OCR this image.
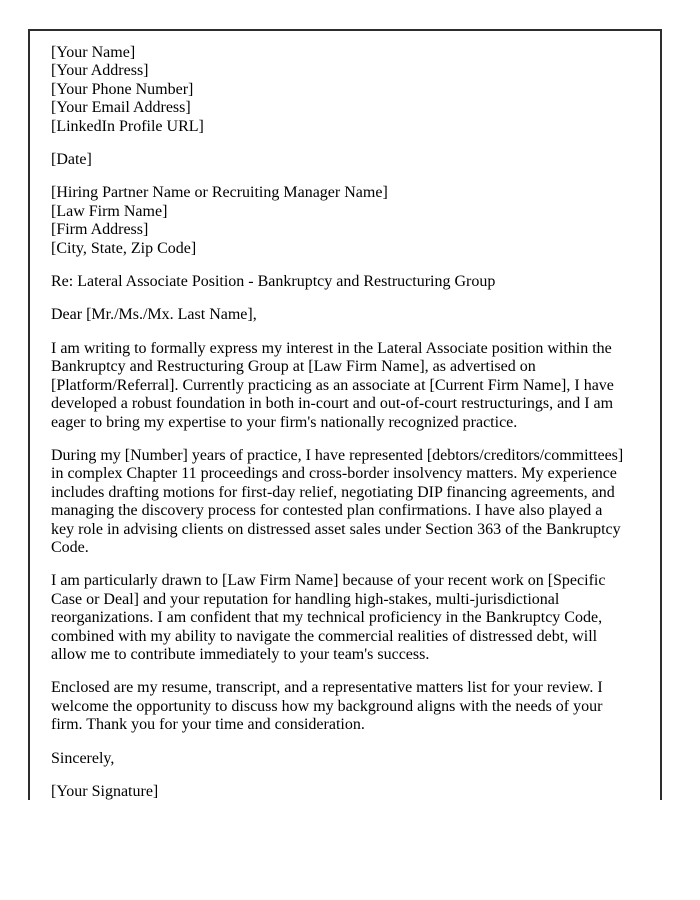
[Your Name]
[Your Address]
[Your Phone Number]
[Your Email Address]
[LinkedIn Profile URL]
[Date]
[Hiring Partner Name or Recruiting Manager Name]
[Law Firm Name]
[Firm Address]
[City, State, Zip Code]
Re: Lateral Associate Position - Bankruptcy and Restructuring Group
Dear [Mr./Ms./Mx. Last Name],

I am writing to formally express my interest in the Lateral Associate position within the Bankruptcy and Restructuring Group at [Law Firm Name], as advertised on [Platform/Referral]. Currently practicing as an associate at [Current Firm Name], I have developed a robust foundation in both in-court and out-of-court restructurings, and I am eager to bring my expertise to your firm's nationally recognized practice.

During my [Number] years of practice, I have represented [debtors/creditors/committees] in complex Chapter 11 proceedings and cross-border insolvency matters. My experience includes drafting motions for first-day relief, negotiating DIP financing agreements, and managing the discovery process for contested plan confirmations. I have also played a key role in advising clients on distressed asset sales under Section 363 of the Bankruptcy Code.

I am particularly drawn to [Law Firm Name] because of your recent work on [Specific Case or Deal] and your reputation for handling high-stakes, multi-jurisdictional reorganizations. I am confident that my technical proficiency in the Bankruptcy Code, combined with my ability to navigate the commercial realities of distressed debt, will allow me to contribute immediately to your team's success.

Enclosed are my resume, transcript, and a representative matters list for your review. I welcome the opportunity to discuss how my background aligns with the needs of your firm. Thank you for your time and consideration.

Sincerely,
[Your Signature]
